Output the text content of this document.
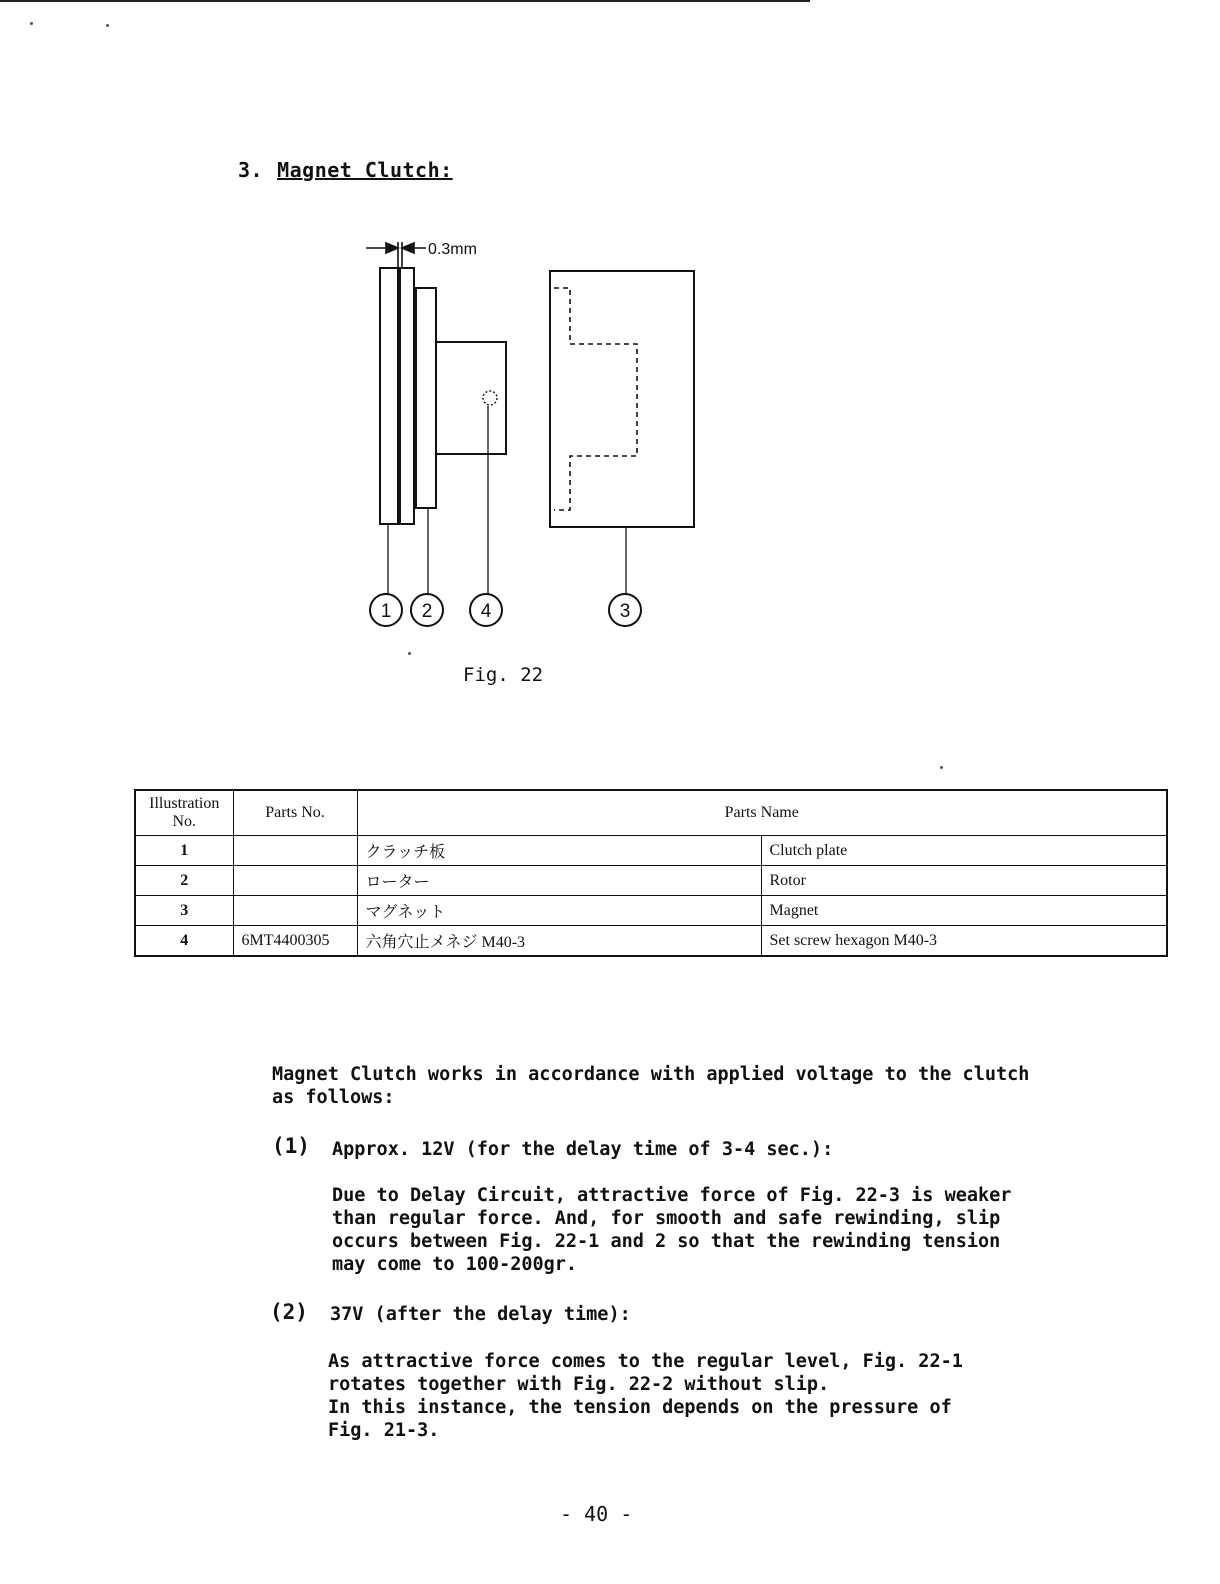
3. Magnet Clutch:
0.3mm
1 2	4	3
Fig. 22
Illustration No.	Parts No.	Parts Name	
1		クラッチ板	Clutch plate
2		ローター	Rotor
3		マグネット	Magnet
4	6MT4400305	六角穴止メネジ M40-3	Set screw hexagon M40-3
Magnet Clutch works in accordance with applied voltage to the clutch
as follows:
(1) Approx. 12V (for the delay time of 3-4 sec.):
Due to Delay Circuit, attractive force of Fig. 22-3 is weaker
than regular force. And, for smooth and safe rewinding, slip
occurs between Fig. 22-1 and 2 so that the rewinding tension
may come to 100-200gr.
(2) 37V (after the delay time):
As attractive force comes to the regular level, Fig. 22-1
rotates together with Fig. 22-2 without slip.
In this instance, the tension depends on the pressure of
Fig. 21-3.
- 40 -
